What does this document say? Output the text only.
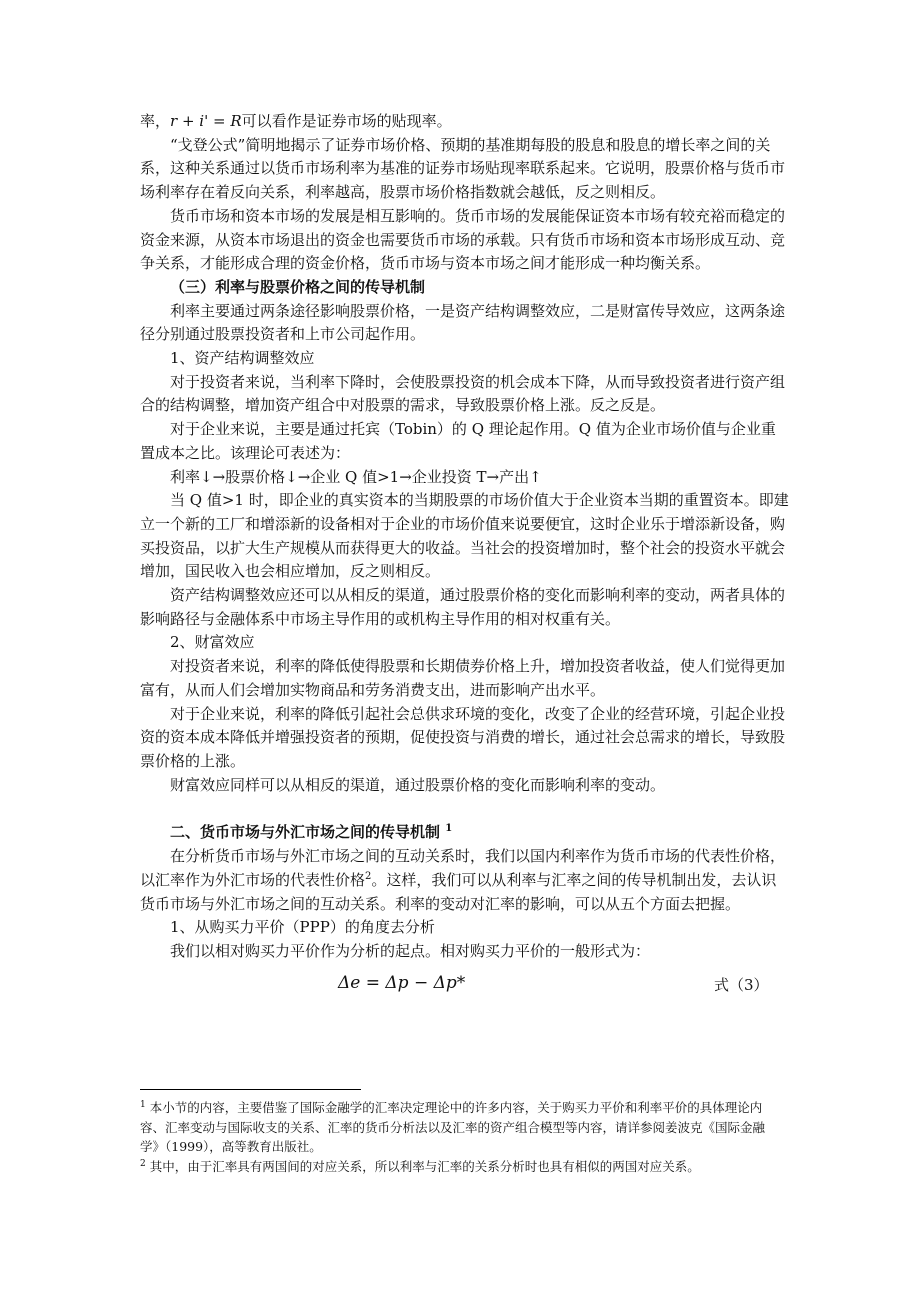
率，r + i' = R可以看作是证券市场的贴现率。

“戈登公式”简明地揭示了证券市场价格、预期的基准期每股的股息和股息的增长率之间的关系，这种关系通过以货币市场利率为基准的证券市场贴现率联系起来。它说明，股票价格与货币市场利率存在着反向关系，利率越高，股票市场价格指数就会越低，反之则相反。

货币市场和资本市场的发展是相互影响的。货币市场的发展能保证资本市场有较充裕而稳定的资金来源，从资本市场退出的资金也需要货币市场的承载。只有货币市场和资本市场形成互动、竞争关系，才能形成合理的资金价格，货币市场与资本市场之间才能形成一种均衡关系。

（三）利率与股票价格之间的传导机制

利率主要通过两条途径影响股票价格，一是资产结构调整效应，二是财富传导效应，这两条途径分别通过股票投资者和上市公司起作用。

1、资产结构调整效应

对于投资者来说，当利率下降时，会使股票投资的机会成本下降，从而导致投资者进行资产组合的结构调整，增加资产组合中对股票的需求，导致股票价格上涨。反之反是。

对于企业来说，主要是通过托宾（Tobin）的 Q 理论起作用。Q 值为企业市场价值与企业重置成本之比。该理论可表述为：

利率↓→股票价格↓→企业 Q 值>1→企业投资 T→产出↑

当 Q 值>1 时，即企业的真实资本的当期股票的市场价值大于企业资本当期的重置资本。即建立一个新的工厂和增添新的设备相对于企业的市场价值来说要便宜，这时企业乐于增添新设备，购买投资品，以扩大生产规模从而获得更大的收益。当社会的投资增加时，整个社会的投资水平就会增加，国民收入也会相应增加，反之则相反。

资产结构调整效应还可以从相反的渠道，通过股票价格的变化而影响利率的变动，两者具体的影响路径与金融体系中市场主导作用的或机构主导作用的相对权重有关。

2、财富效应

对投资者来说，利率的降低使得股票和长期债券价格上升，增加投资者收益，使人们觉得更加富有，从而人们会增加实物商品和劳务消费支出，进而影响产出水平。

对于企业来说，利率的降低引起社会总供求环境的变化，改变了企业的经营环境，引起企业投资的资本成本降低并增强投资者的预期，促使投资与消费的增长，通过社会总需求的增长，导致股票价格的上涨。

财富效应同样可以从相反的渠道，通过股票价格的变化而影响利率的变动。

二、货币市场与外汇市场之间的传导机制 $^1$

在分析货币市场与外汇市场之间的互动关系时，我们以国内利率作为货币市场的代表性价格，以汇率作为外汇市场的代表性价格$^2$。这样，我们可以从利率与汇率之间的传导机制出发，去认识货币市场与外汇市场之间的互动关系。利率的变动对汇率的影响，可以从五个方面去把握。

1、从购买力平价（PPP）的角度去分析

我们以相对购买力平价作为分析的起点。相对购买力平价的一般形式为：

Δe = Δp − Δp*	式（3）

$^1$ 本小节的内容，主要借鉴了国际金融学的汇率决定理论中的许多内容，关于购买力平价和利率平价的具体理论内容、汇率变动与国际收支的关系、汇率的货币分析法以及汇率的资产组合模型等内容，请详参阅姜波克《国际金融学》（1999），高等教育出版社。

$^2$ 其中，由于汇率具有两国间的对应关系，所以利率与汇率的关系分析时也具有相似的两国对应关系。
